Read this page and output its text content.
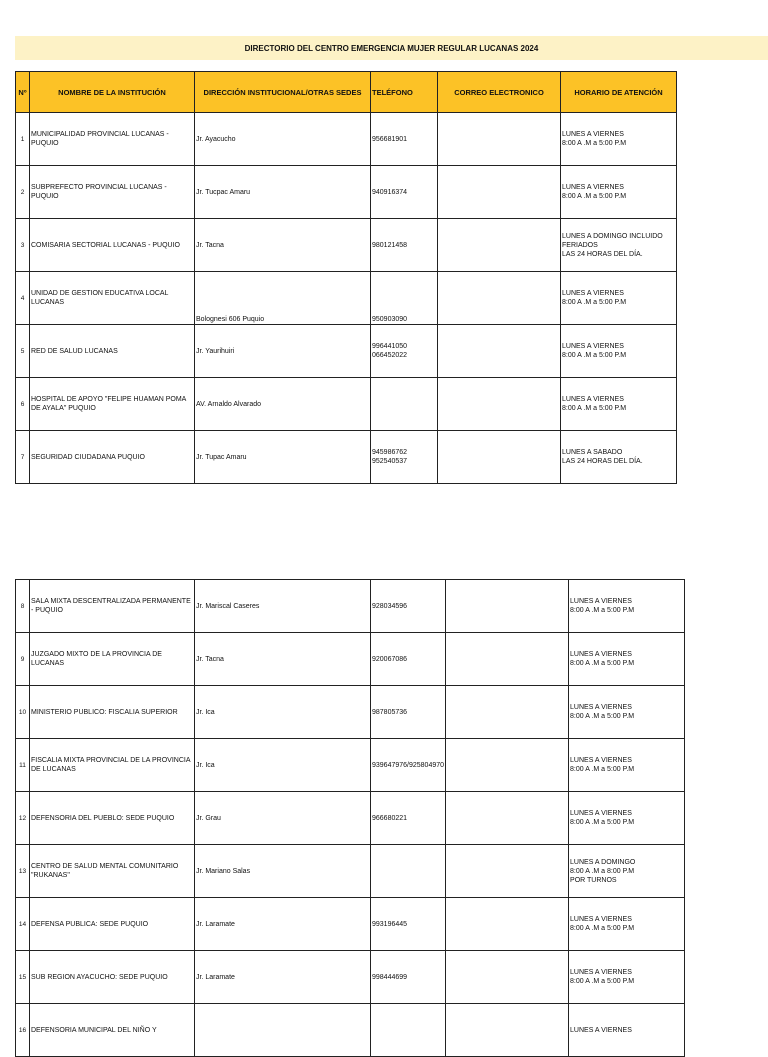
DIRECTORIO DEL CENTRO EMERGENCIA MUJER REGULAR LUCANAS 2024
Nº	NOMBRE DE LA INSTITUCIÓN	DIRECCIÓN INSTITUCIONAL/OTRAS SEDES	TELÉFONO	CORREO ELECTRONICO	HORARIO DE ATENCIÓN
1	MUNICIPALIDAD PROVINCIAL LUCANAS - PUQUIO	Jr. Ayacucho	956681901		LUNES A VIERNES
8:00 A .M a 5:00 P.M
2	SUBPREFECTO PROVINCIAL LUCANAS - PUQUIO	Jr. Tucpac Amaru	940916374		LUNES A VIERNES
8:00 A .M a 5:00 P.M
3	COMISARIA SECTORIAL LUCANAS - PUQUIO	Jr. Tacna	980121458		LUNES A DOMINGO INCLUIDO FERIADOS
LAS 24 HORAS DEL DÍA.
4	UNIDAD DE GESTION EDUCATIVA LOCAL LUCANAS	Bolognesi 606 Puquio	950903090		LUNES A VIERNES
8:00 A .M a 5:00 P.M
5	RED DE SALUD LUCANAS	Jr. Yaurihuiri	996441050
066452022		LUNES A VIERNES
8:00 A .M a 5:00 P.M
6	HOSPITAL DE APOYO "FELIPE HUAMAN POMA DE AYALA" PUQUIO	AV. Arnaldo Alvarado			LUNES A VIERNES
8:00 A .M a 5:00 P.M
7	SEGURIDAD CIUDADANA PUQUIO	Jr. Tupac Amaru	945986762
952540537		LUNES A SABADO
LAS 24 HORAS DEL DÍA.
8	SALA MIXTA DESCENTRALIZADA PERMANENTE - PUQUIO	Jr. Mariscal Caseres	928034596		LUNES A VIERNES
8:00 A .M a 5:00 P.M
9	JUZGADO MIXTO DE LA PROVINCIA DE LUCANAS	Jr. Tacna	920067086		LUNES A VIERNES
8:00 A .M a 5:00 P.M
10	MINISTERIO PUBLICO: FISCALIA SUPERIOR	Jr. Ica	987805736		LUNES A VIERNES
8:00 A .M a 5:00 P.M
11	FISCALIA MIXTA PROVINCIAL DE LA PROVINCIA DE LUCANAS	Jr. Ica	939647976/925804970		LUNES A VIERNES
8:00 A .M a 5:00 P.M
12	DEFENSORIA DEL PUEBLO: SEDE PUQUIO	Jr. Grau	966680221		LUNES A VIERNES
8:00 A .M a 5:00 P.M
13	CENTRO DE SALUD MENTAL COMUNITARIO "RUKANAS"	Jr. Mariano Salas			LUNES A DOMINGO
8:00 A .M a 8:00 P.M
POR TURNOS
14	DEFENSA PUBLICA: SEDE PUQUIO	Jr. Laramate	993196445		LUNES A VIERNES
8:00 A .M a 5:00 P.M
15	SUB REGION AYACUCHO: SEDE PUQUIO	Jr. Laramate	998444699		LUNES A VIERNES
8:00 A .M a 5:00 P.M
16	DEFENSORIA MUNICIPAL DEL NIÑO Y				LUNES A VIERNES
